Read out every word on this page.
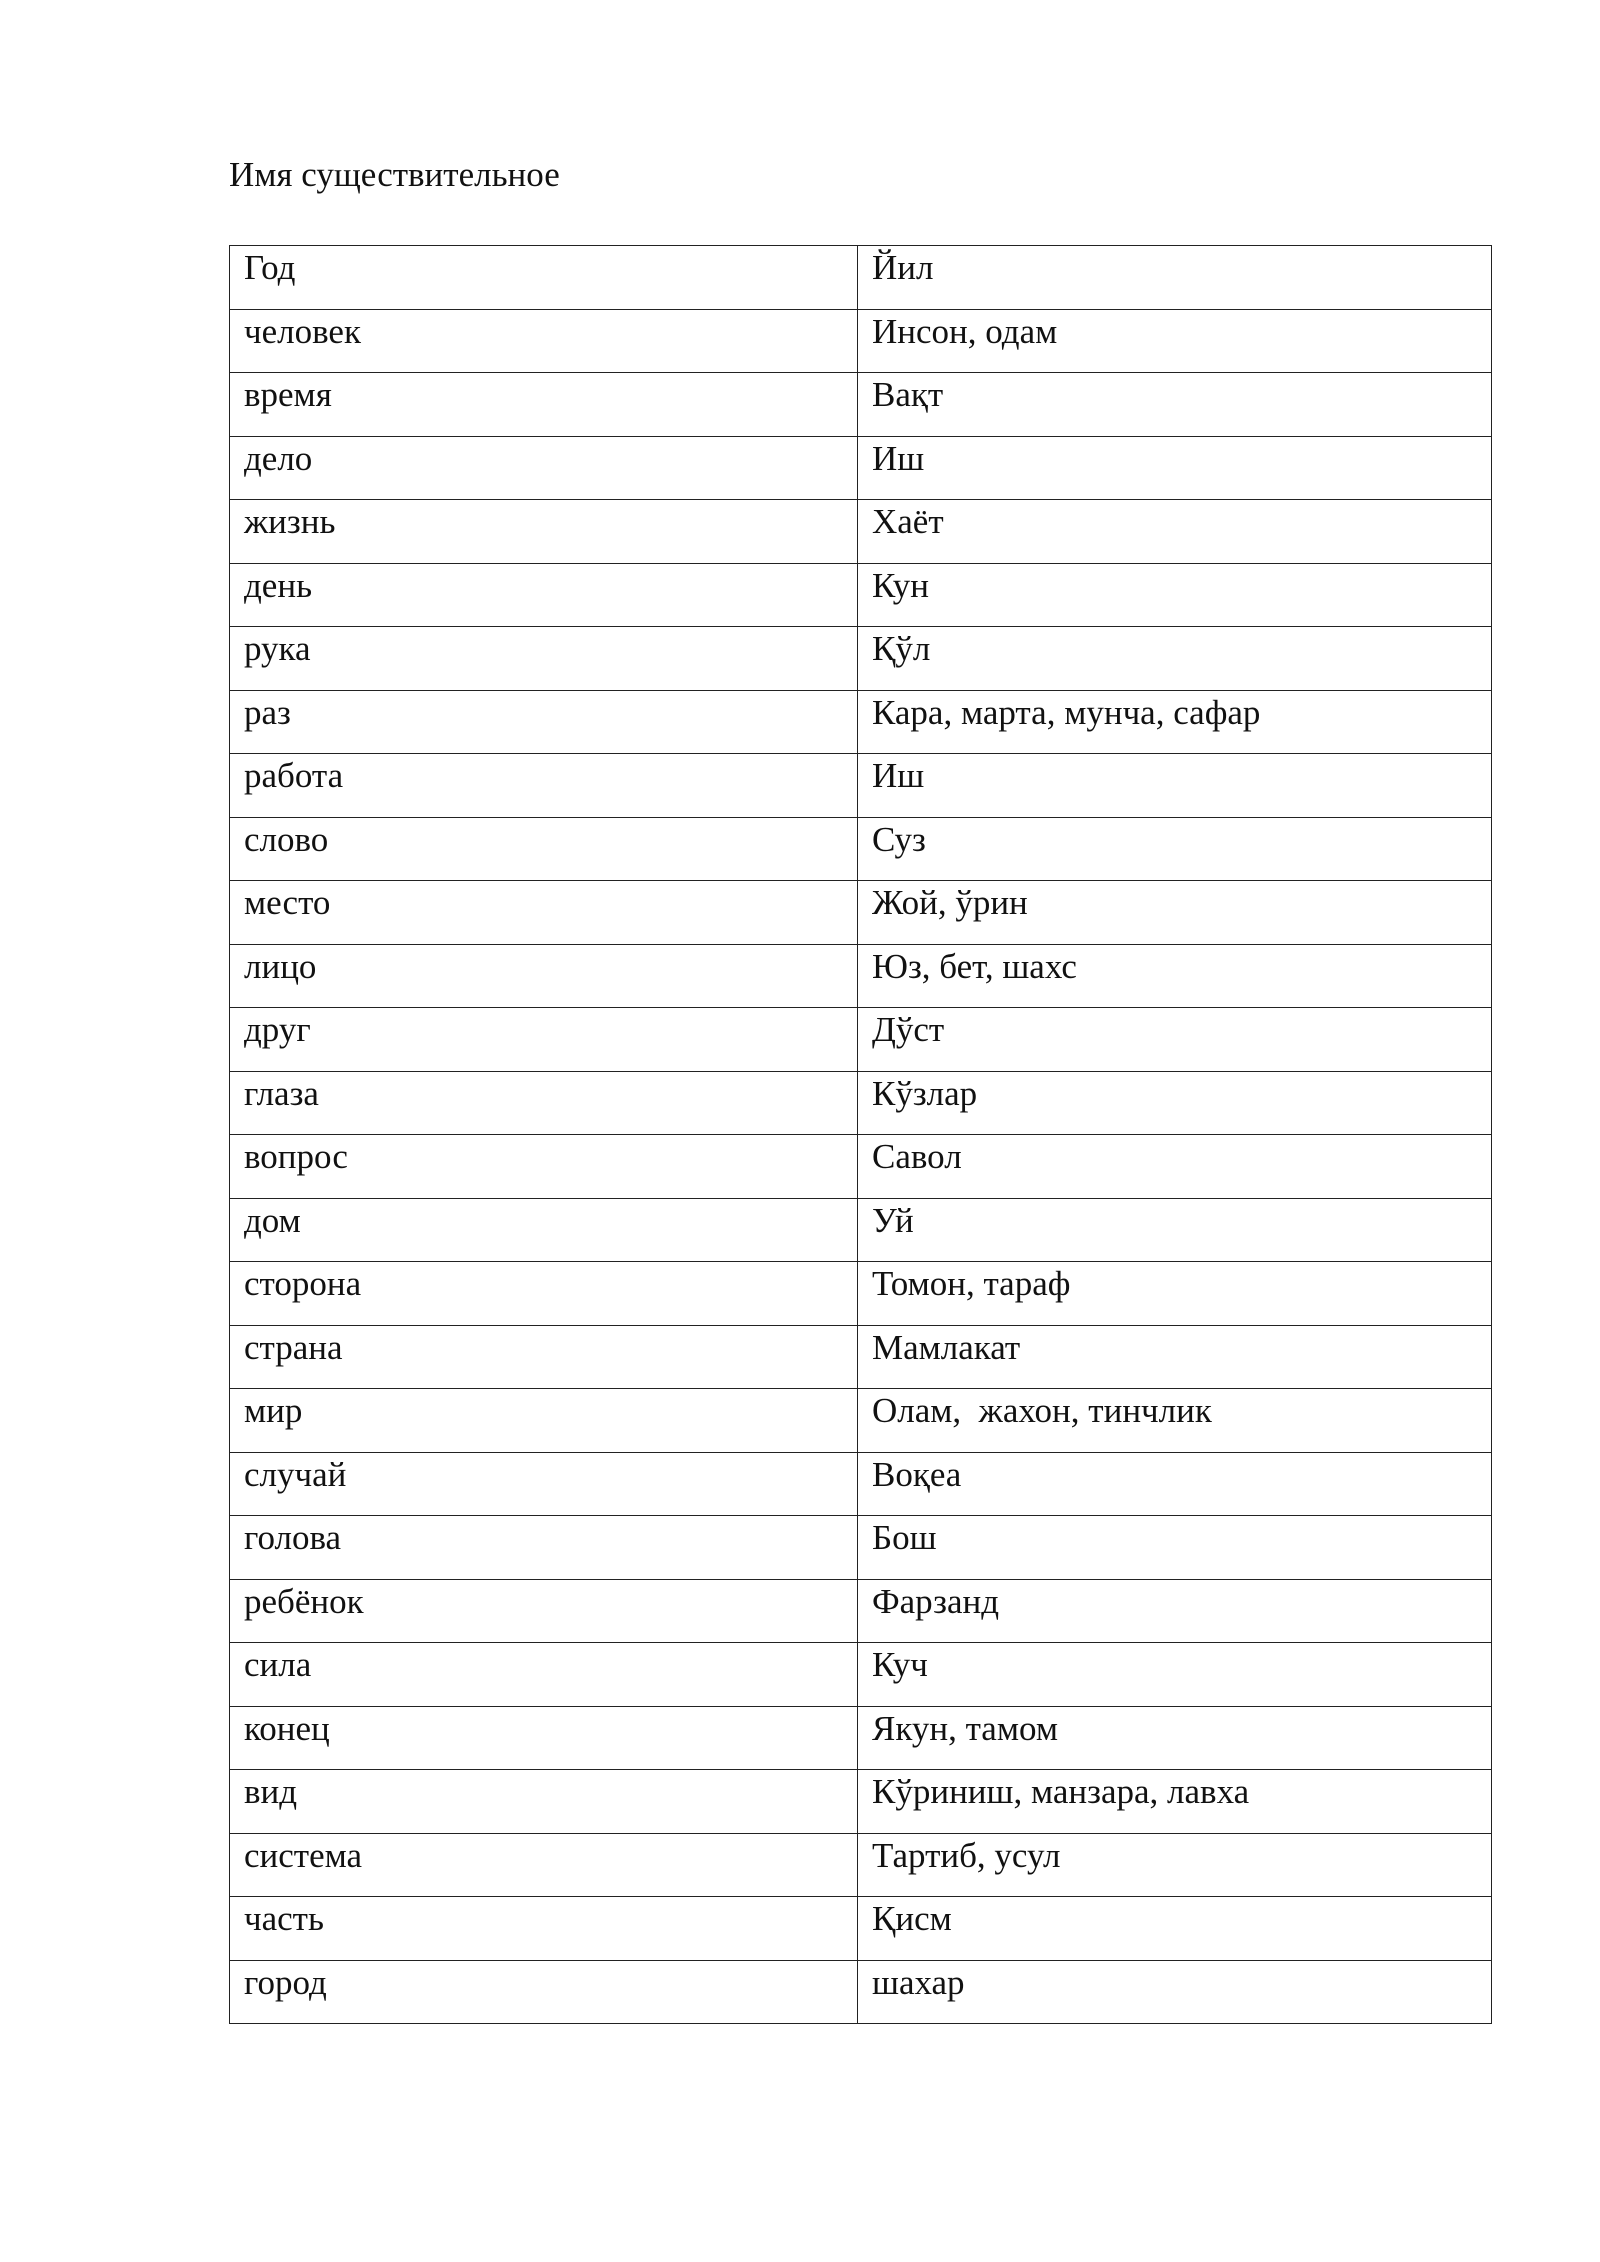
Имя существительное
Год	Йил
человек	Инсон, одам
время	Вақт
дело	Иш
жизнь	Хаёт
день	Кун
рука	Қўл
раз	Кара, марта, мунча, сафар
работа	Иш
слово	Суз
место	Жой, ўрин
лицо	Юз, бет, шахс
друг	Дўст
глаза	Кўзлар
вопрос	Савол
дом	Уй
сторона	Томон, тараф
страна	Мамлакат
мир	Олам,  жахон, тинчлик
случай	Воқеа
голова	Бош
ребёнок	Фарзанд
сила	Куч
конец	Якун, тамом
вид	Кўриниш, манзара, лавха
система	Тартиб, усул
часть	Қисм
город	шахар
